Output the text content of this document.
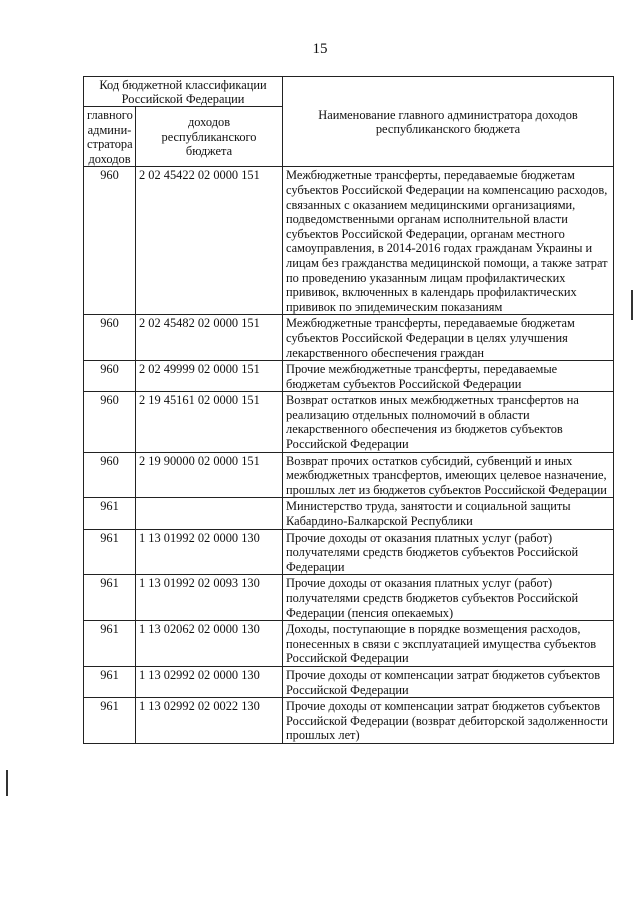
15
Код бюджетной классификации Российской Федерации		Наименование главного администратора доходов республиканского бюджета
главного админи-стратора доходов	доходов республиканского бюджета	
960	2 02 45422 02 0000 151	Межбюджетные трансферты, передаваемые бюджетам субъектов Российской Федерации на компенсацию расходов, связанных с оказанием медицинскими организациями, подведомственными органам исполнительной власти субъектов Российской Федерации, органам местного самоуправления, в 2014-2016 годах гражданам Украины и лицам без гражданства медицинской помощи, а также затрат по проведению указанным лицам профилактических прививок, включенных в календарь профилактических прививок по эпидемическим показаниям
960	2 02 45482 02 0000 151	Межбюджетные трансферты, передаваемые бюджетам субъектов Российской Федерации в целях улучшения лекарственного обеспечения граждан
960	2 02 49999 02 0000 151	Прочие межбюджетные трансферты, передаваемые бюджетам субъектов Российской Федерации
960	2 19 45161 02 0000 151	Возврат остатков иных межбюджетных трансфертов на реализацию отдельных полномочий в области лекарственного обеспечения из бюджетов субъектов Российской Федерации
960	2 19 90000 02 0000 151	Возврат прочих остатков субсидий, субвенций и иных межбюджетных трансфертов, имеющих целевое назначение, прошлых лет из бюджетов субъектов Российской Федерации
961		Министерство труда, занятости и социальной защиты Кабардино-Балкарской Республики
961	1 13 01992 02 0000 130	Прочие доходы от оказания платных услуг (работ) получателями средств бюджетов субъектов Российской Федерации
961	1 13 01992 02 0093 130	Прочие доходы от оказания платных услуг (работ) получателями средств бюджетов субъектов Российской Федерации (пенсия опекаемых)
961	1 13 02062 02 0000 130	Доходы, поступающие в порядке возмещения расходов, понесенных в связи с эксплуатацией имущества субъектов Российской Федерации
961	1 13 02992 02 0000 130	Прочие доходы от компенсации затрат бюджетов субъектов Российской Федерации
961	1 13 02992 02 0022 130	Прочие доходы от компенсации затрат бюджетов субъектов Российской Федерации (возврат дебиторской задолженности прошлых лет)
